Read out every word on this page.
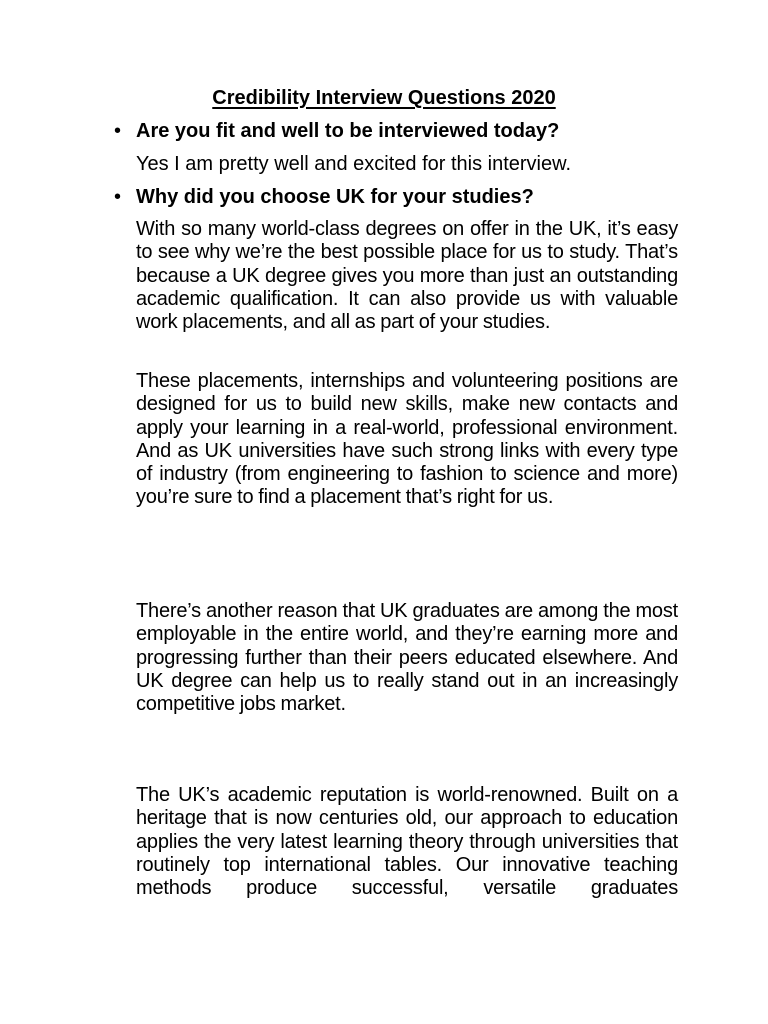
Credibility Interview Questions 2020
• Are you fit and well to be interviewed today?
Yes I am pretty well and excited for this interview.
• Why did you choose UK for your studies?
With so many world-class degrees on offer in the UK, it’s easy to see why we’re the best possible place for us to study. That’s because a UK degree gives you more than just an outstanding academic qualification. It can also provide us with valuable work placements, and all as part of your studies.
These placements, internships and volunteering positions are designed for us to build new skills, make new contacts and apply your learning in a real-world, professional environment. And as UK universities have such strong links with every type of industry (from engineering to fashion to science and more) you’re sure to find a placement that’s right for us.
There’s another reason that UK graduates are among the most employable in the entire world, and they’re earning more and progressing further than their peers educated elsewhere. And UK degree can help us to really stand out in an increasingly competitive jobs market.
The UK’s academic reputation is world-renowned. Built on a heritage that is now centuries old, our approach to education applies the very latest learning theory through universities that routinely top international tables. Our innovative teaching methods produce successful, versatile graduates
